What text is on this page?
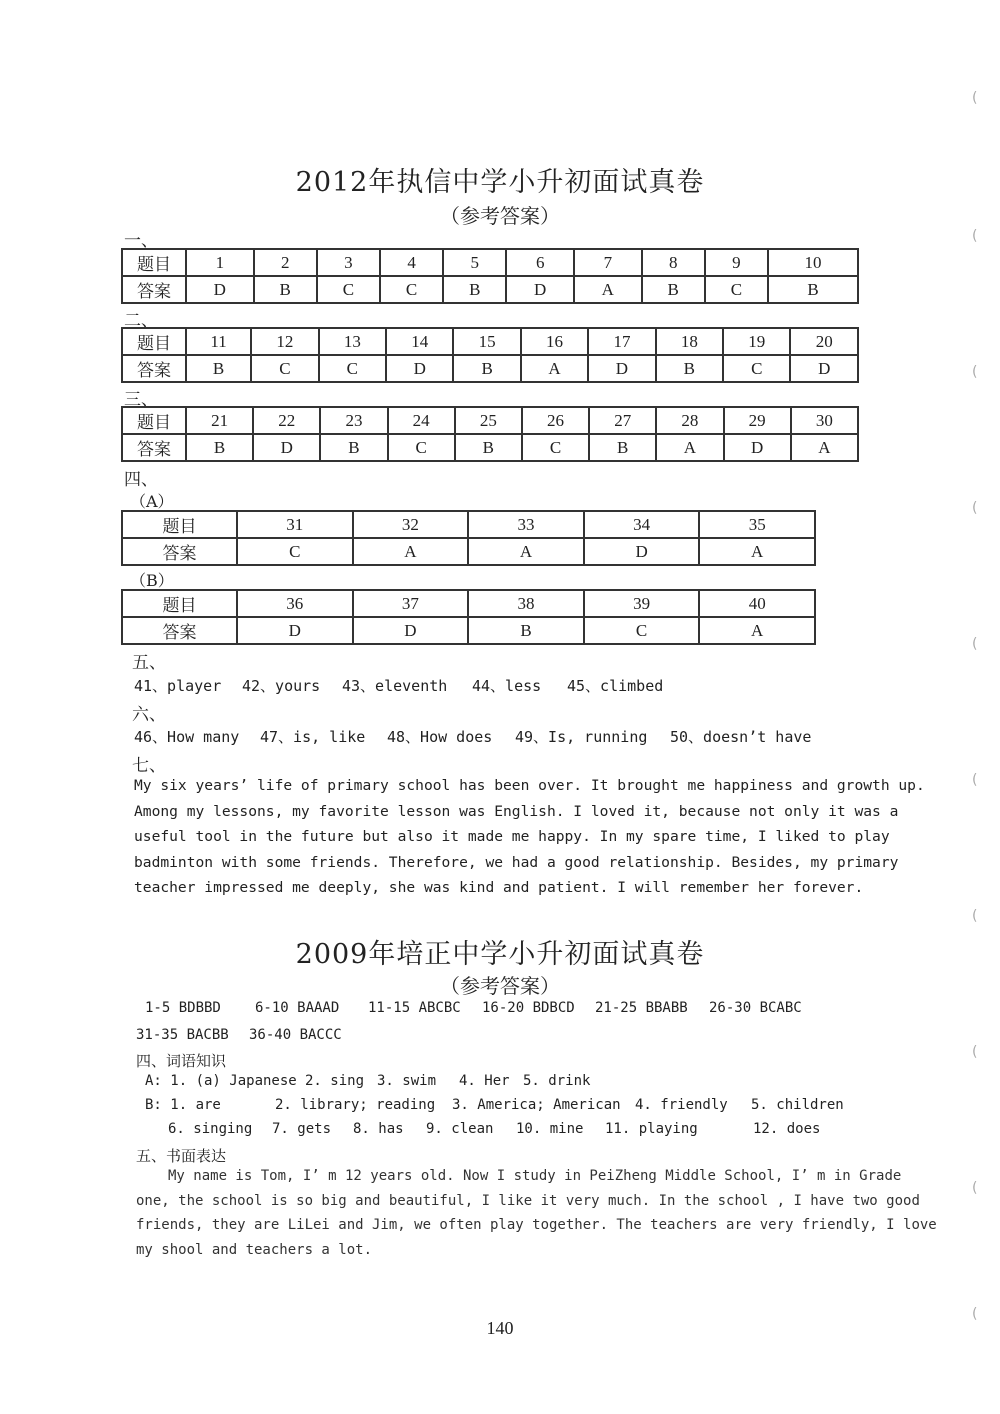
2012年执信中学小升初面试真卷
（参考答案）
一、
题目	1	2	3	4	5	6	7	8	9	10
答案	D	B	C	C	B	D	A	B	C	B
二、
题目	11	12	13	14	15	16	17	18	19	20
答案	B	C	C	D	B	A	D	B	C	D
三、
题目	21	22	23	24	25	26	27	28	29	30
答案	B	D	B	C	B	C	B	A	D	A
四、
（A）
题目	31	32	33	34	35
答案	C	A	A	D	A
（B）
题目	36	37	38	39	40
答案	D	D	B	C	A
五、
41、player 42、yours 43、eleventh 44、less 45、climbed
六、
46、How many 47、is, like 48、How does 49、Is, running 50、doesn’t have
七、
My six years’ life of primary school has been over. It brought me happiness and growth up.
Among my lessons, my favorite lesson was English. I loved it, because not only it was a
useful tool in the future but also it made me happy. In my spare time, I liked to play
badminton with some friends. Therefore, we had a good relationship. Besides, my primary
teacher impressed me deeply, she was kind and patient. I will remember her forever.
2009年培正中学小升初面试真卷
（参考答案）
1-5 BDBBD 6-10 BAAAD 11-15 ABCBC 16-20 BDBCD 21-25 BBABB 26-30 BCABC
31-35 BACBB 36-40 BACCC
四、词语知识
A: 1. (a) Japanese 2. sing 3. swim 4. Her 5. drink
B: 1. are	2. library; reading 3. America; American 4. friendly 5. children
6. singing 7. gets 8. has 9. clean 10. mine 11. playing	12. does
五、书面表达
My name is Tom, I’ m 12 years old. Now I study in PeiZheng Middle School, I’ m in Grade
one, the school is so big and beautiful, I like it very much. In the school , I have two good
friends, they are LiLei and Jim, we often play together. The teachers are very friendly, I love
my shool and teachers a lot.
140
(
(
(
(
(
(
(
(
(
(
